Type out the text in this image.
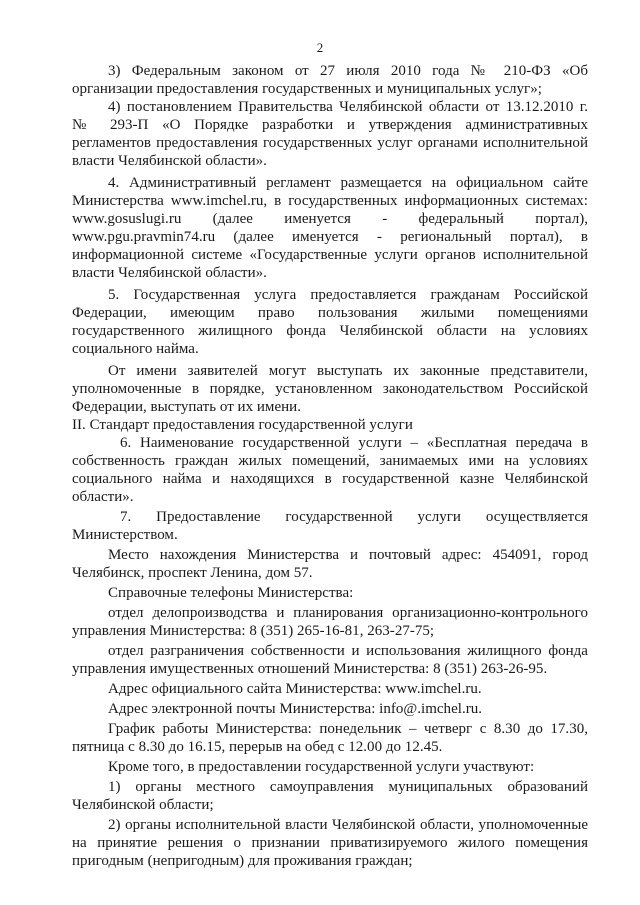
2

3) Федеральным законом от 27 июля 2010 года № 210-ФЗ «Об организации предоставления государственных и муниципальных услуг»;

4) постановлением Правительства Челябинской области от 13.12.2010 г. № 293-П «О Порядке разработки и утверждения административных регламентов предоставления государственных услуг органами исполнительной власти Челябинской области».

4. Административный регламент размещается на официальном сайте Министерства www.imchel.ru, в государственных информационных системах: www.gosuslugi.ru (далее именуется - федеральный портал), www.pgu.pravmin74.ru (далее именуется - региональный портал), в информационной системе «Государственные услуги органов исполнительной власти Челябинской области».

5. Государственная услуга предоставляется гражданам Российской Федерации, имеющим право пользования жилыми помещениями государственного жилищного фонда Челябинской области на условиях социального найма.

От имени заявителей могут выступать их законные представители, уполномоченные в порядке, установленном законодательством Российской Федерации, выступать от их имени.

II. Стандарт предоставления государственной услуги

6. Наименование государственной услуги – «Бесплатная передача в собственность граждан жилых помещений, занимаемых ими на условиях социального найма и находящихся в государственной казне Челябинской области».

7. Предоставление государственной услуги осуществляется Министерством.

Место нахождения Министерства и почтовый адрес: 454091, город Челябинск, проспект Ленина, дом 57.

Справочные телефоны Министерства:

отдел делопроизводства и планирования организационно-контрольного управления Министерства: 8 (351) 265-16-81, 263-27-75;

отдел разграничения собственности и использования жилищного фонда управления имущественных отношений Министерства: 8 (351) 263-26-95.

Адрес официального сайта Министерства: www.imchel.ru.

Адрес электронной почты Министерства: info@.imchel.ru.

График работы Министерства: понедельник – четверг с 8.30 до 17.30, пятница с 8.30 до 16.15, перерыв на обед с 12.00 до 12.45.

Кроме того, в предоставлении государственной услуги участвуют:

1) органы местного самоуправления муниципальных образований Челябинской области;

2) органы исполнительной власти Челябинской области, уполномоченные на принятие решения о признании приватизируемого жилого помещения пригодным (непригодным) для проживания граждан;
